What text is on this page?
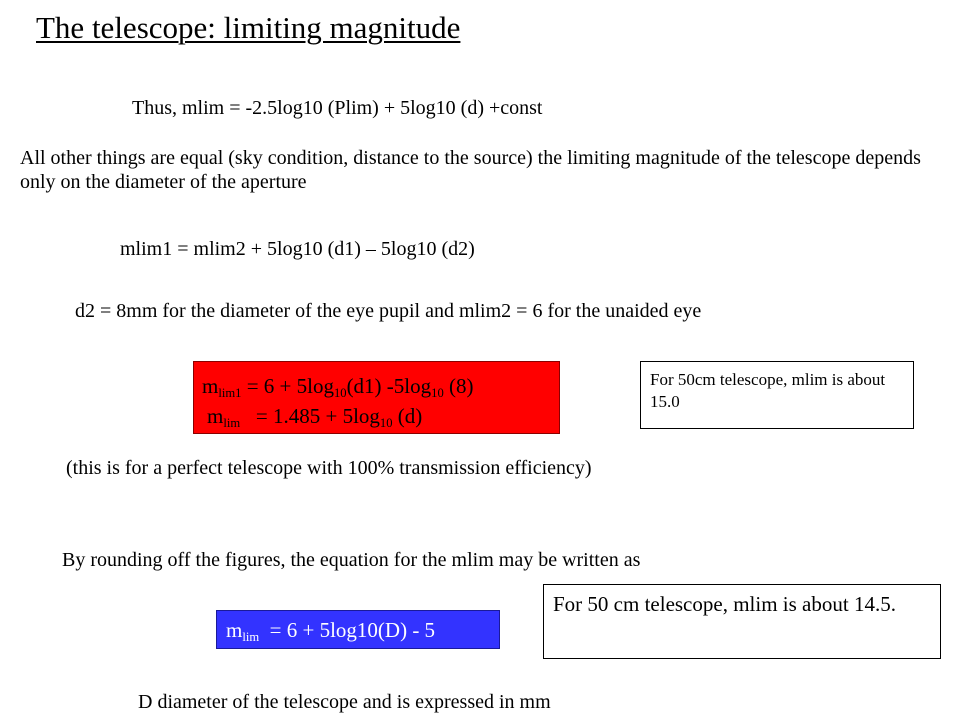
The telescope: limiting magnitude
Thus, mlim = -2.5log10 (Plim) + 5log10 (d) +const
All other things are equal (sky condition, distance to the source) the limiting magnitude of the telescope depends only on the diameter of the aperture
mlim1 = mlim2 + 5log10 (d1) – 5log10 (d2)
d2 = 8mm for the diameter of the eye pupil and mlim2 = 6 for the unaided eye
$m_{lim1} = 6 + 5\log_{10}(d1)$ $-5\log_{10}$ (8)
$m_{lim} = 1.485 + 5\log_{10}$ (d)
For 50cm telescope, mlim is about 15.0
(this is for a perfect telescope with 100% transmission efficiency)
By rounding off the figures, the equation for the mlim may be written as
For 50 cm telescope, mlim is about 14.5.
$m_{lim} = 6 + 5\log 10(D) - 5$
D diameter of the telescope and is expressed in mm
